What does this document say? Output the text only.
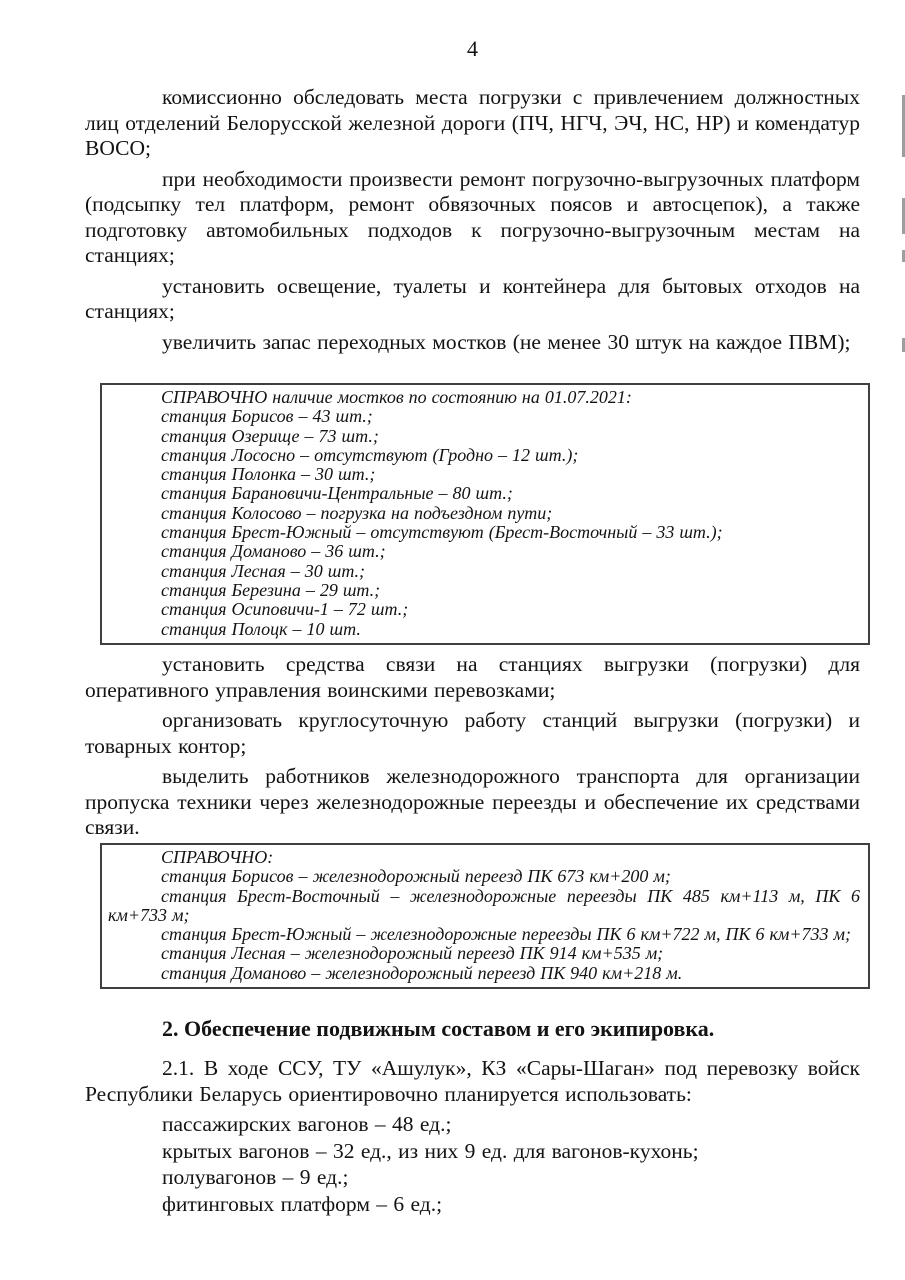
4

комиссионно обследовать места погрузки с привлечением должностных лиц отделений Белорусской железной дороги (ПЧ, НГЧ, ЭЧ, НС, НР) и комендатур ВОСО;

при необходимости произвести ремонт погрузочно-выгрузочных платформ (подсыпку тел платформ, ремонт обвязочных поясов и автосцепок), а также подготовку автомобильных подходов к погрузочно-выгрузочным местам на станциях;

установить освещение, туалеты и контейнера для бытовых отходов на станциях;

увеличить запас переходных мостков (не менее 30 штук на каждое ПВМ);

СПРАВОЧНО наличие мостков по состоянию на 01.07.2021:

станция Борисов – 43 шт.;

станция Озерище – 73 шт.;

станция Лососно – отсутствуют (Гродно – 12 шт.);

станция Полонка – 30 шт.;

станция Барановичи-Центральные – 80 шт.;

станция Колосово – погрузка на подъездном пути;

станция Брест-Южный – отсутствуют (Брест-Восточный – 33 шт.);

станция Доманово – 36 шт.;

станция Лесная – 30 шт.;

станция Березина – 29 шт.;

станция Осиповичи-1 – 72 шт.;

станция Полоцк – 10 шт.

установить средства связи на станциях выгрузки (погрузки) для оперативного управления воинскими перевозками;

организовать круглосуточную работу станций выгрузки (погрузки) и товарных контор;

выделить работников железнодорожного транспорта для организации пропуска техники через железнодорожные переезды и обеспечение их средствами связи.

СПРАВОЧНО:

станция Борисов – железнодорожный переезд ПК 673 км+200 м;

станция Брест-Восточный – железнодорожные переезды ПК 485 км+113 м, ПК 6 км+733 м;

станция Брест-Южный – железнодорожные переезды ПК 6 км+722 м, ПК 6 км+733 м;

станция Лесная – железнодорожный переезд ПК 914 км+535 м;

станция Доманово – железнодорожный переезд ПК 940 км+218 м.

2. Обеспечение подвижным составом и его экипировка.

2.1. В ходе ССУ, ТУ «Ашулук», КЗ «Сары-Шаган» под перевозку войск Республики Беларусь ориентировочно планируется использовать:

пассажирских вагонов – 48 ед.;

крытых вагонов – 32 ед., из них 9 ед. для вагонов-кухонь;

полувагонов – 9 ед.;

фитинговых платформ – 6 ед.;
